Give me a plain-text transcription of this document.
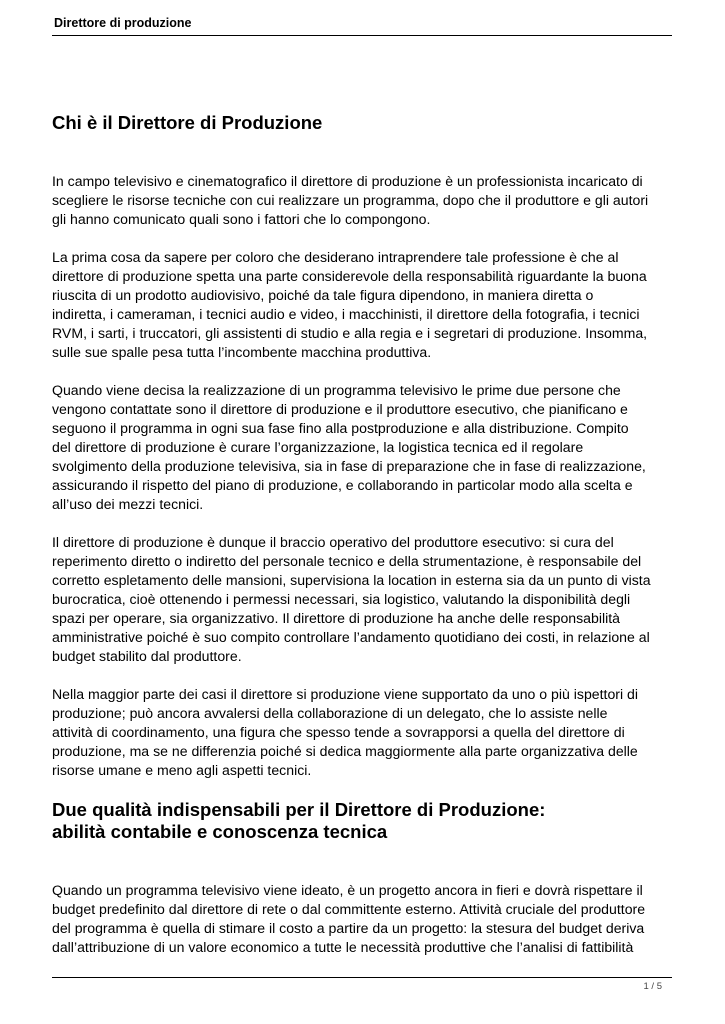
Direttore di produzione
Chi è il Direttore di Produzione

In campo televisivo e cinematografico il direttore di produzione è un professionista incaricato di
scegliere le risorse tecniche con cui realizzare un programma, dopo che il produttore e gli autori
gli hanno comunicato quali sono i fattori che lo compongono.

La prima cosa da sapere per coloro che desiderano intraprendere tale professione è che al
direttore di produzione spetta una parte considerevole della responsabilità riguardante la buona
riuscita di un prodotto audiovisivo, poiché da tale figura dipendono, in maniera diretta o
indiretta, i cameraman, i tecnici audio e video, i macchinisti, il direttore della fotografia, i tecnici
RVM, i sarti, i truccatori, gli assistenti di studio e alla regia e i segretari di produzione. Insomma,
sulle sue spalle pesa tutta l’incombente macchina produttiva.

Quando viene decisa la realizzazione di un programma televisivo le prime due persone che
vengono contattate sono il direttore di produzione e il produttore esecutivo, che pianificano e
seguono il programma in ogni sua fase fino alla postproduzione e alla distribuzione. Compito
del direttore di produzione è curare l’organizzazione, la logistica tecnica ed il regolare
svolgimento della produzione televisiva, sia in fase di preparazione che in fase di realizzazione,
assicurando il rispetto del piano di produzione, e collaborando in particolar modo alla scelta e
all’uso dei mezzi tecnici.

Il direttore di produzione è dunque il braccio operativo del produttore esecutivo: si cura del
reperimento diretto o indiretto del personale tecnico e della strumentazione, è responsabile del
corretto espletamento delle mansioni, supervisiona la location in esterna sia da un punto di vista
burocratica, cioè ottenendo i permessi necessari, sia logistico, valutando la disponibilità degli
spazi per operare, sia organizzativo. Il direttore di produzione ha anche delle responsabilità
amministrative poiché è suo compito controllare l’andamento quotidiano dei costi, in relazione al
budget stabilito dal produttore.

Nella maggior parte dei casi il direttore si produzione viene supportato da uno o più ispettori di
produzione; può ancora avvalersi della collaborazione di un delegato, che lo assiste nelle
attività di coordinamento, una figura che spesso tende a sovrapporsi a quella del direttore di
produzione, ma se ne differenzia poiché si dedica maggiormente alla parte organizzativa delle
risorse umane e meno agli aspetti tecnici.

Due qualità indispensabili per il Direttore di Produzione:
abilità contabile e conoscenza tecnica

Quando un programma televisivo viene ideato, è un progetto ancora in fieri e dovrà rispettare il
budget predefinito dal direttore di rete o dal committente esterno. Attività cruciale del produttore
del programma è quella di stimare il costo a partire da un progetto: la stesura del budget deriva
dall’attribuzione di un valore economico a tutte le necessità produttive che l’analisi di fattibilità

1 / 5
